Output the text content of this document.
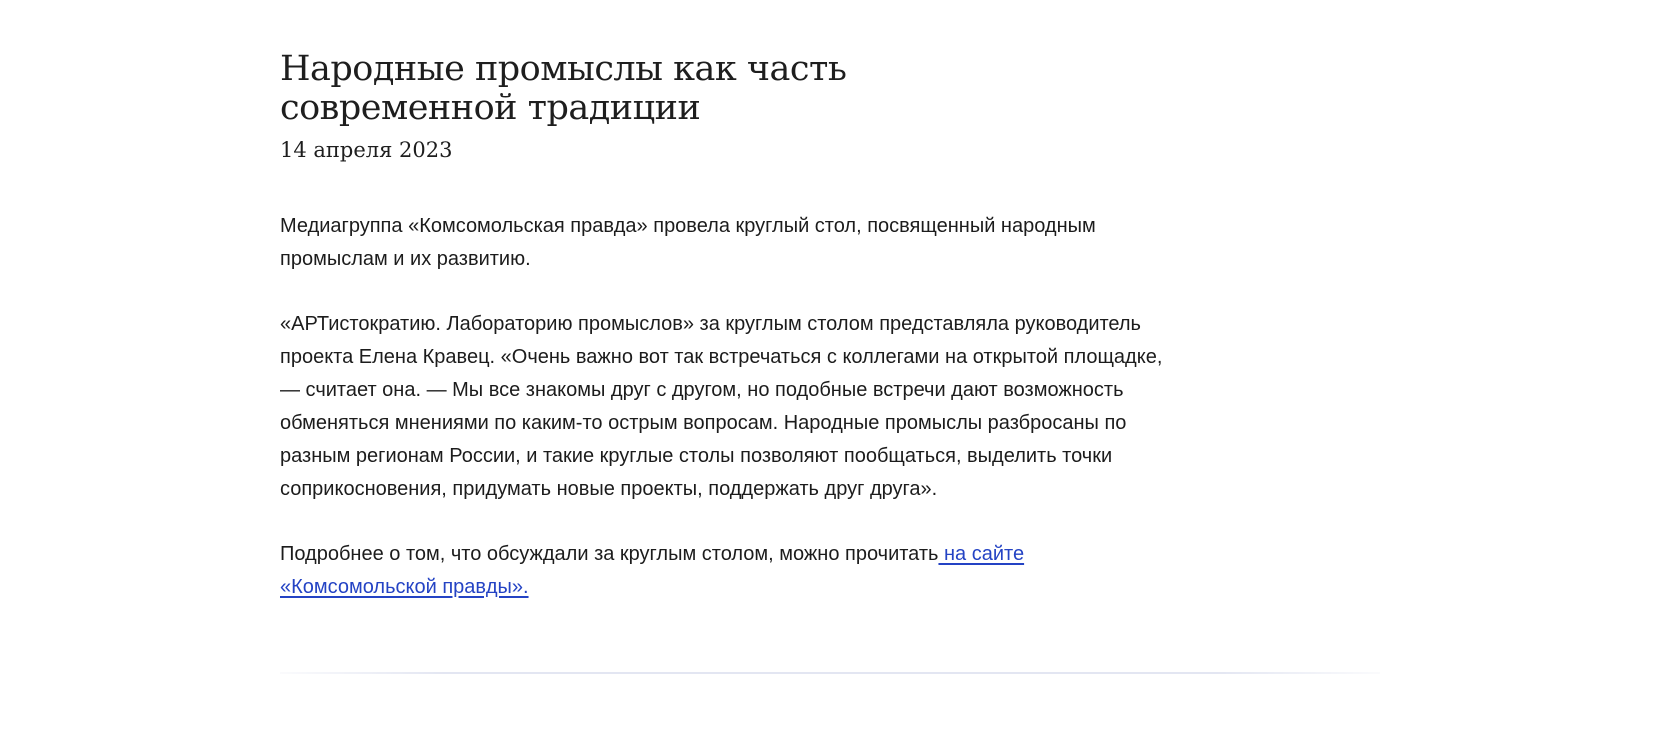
Народные промыслы как часть современной традиции
14 апреля 2023

Медиагруппа «Комсомольская правда» провела круглый стол, посвященный народным промыслам и их развитию.

«АРТистократию. Лабораторию промыслов» за круглым столом представляла руководитель проекта Елена Кравец. «Очень важно вот так встречаться с коллегами на открытой площадке, — считает она. — Мы все знакомы друг с другом, но подобные встречи дают возможность обменяться мнениями по каким-то острым вопросам. Народные промыслы разбросаны по разным регионам России, и такие круглые столы позволяют пообщаться, выделить точки соприкосновения, придумать новые проекты, поддержать друг друга».

Подробнее о том, что обсуждали за круглым столом, можно прочитать на сайте «Комсомольской правды».
